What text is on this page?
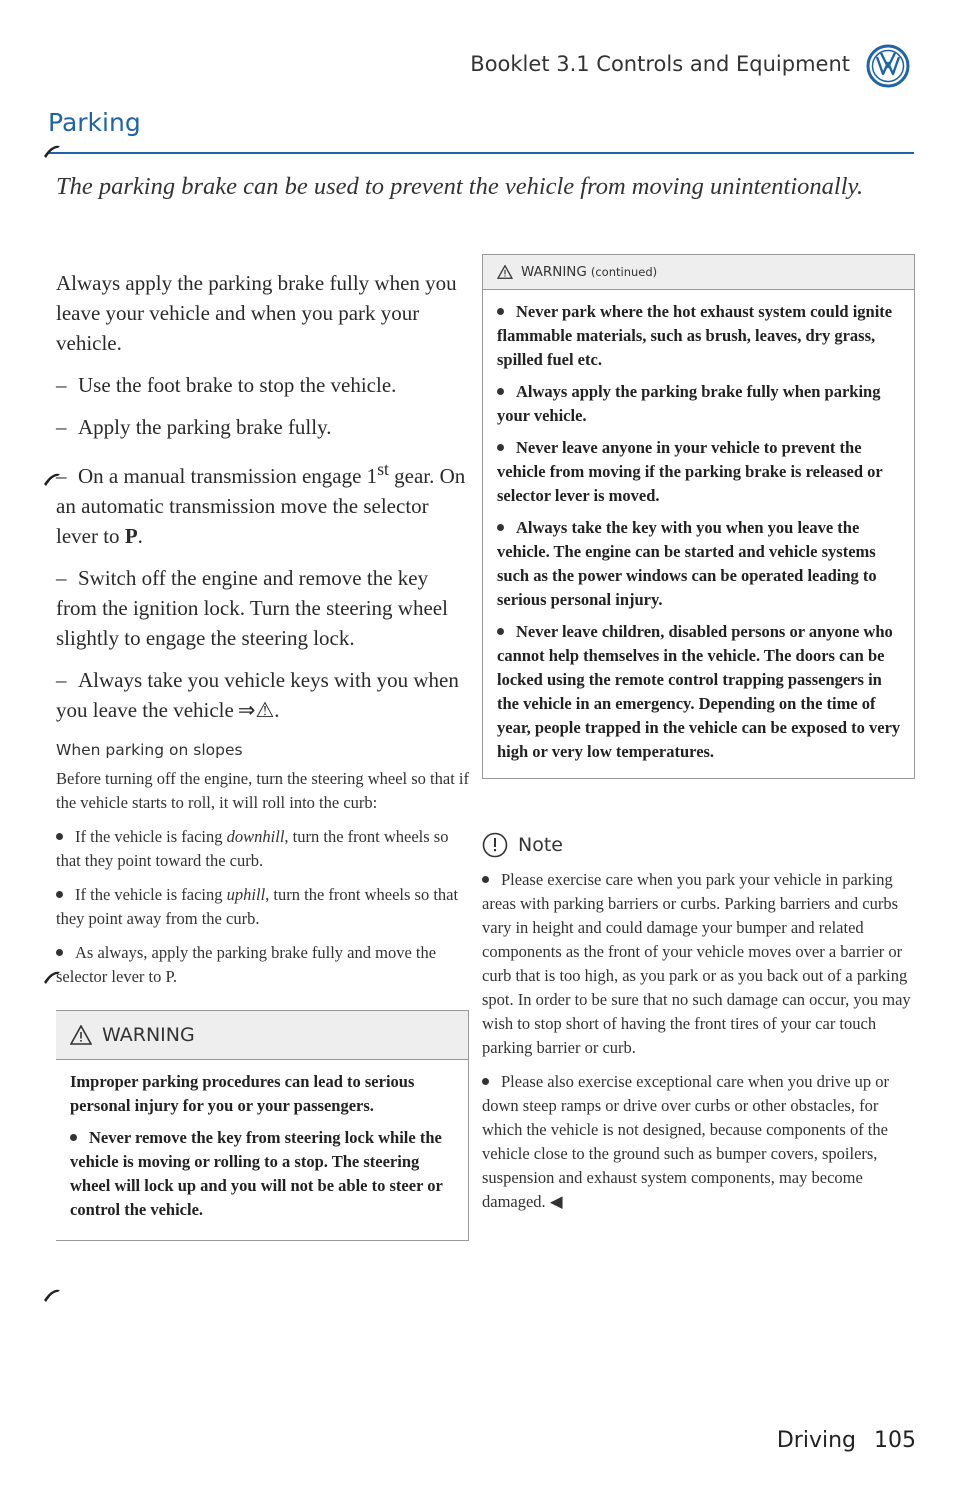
Booklet 3.1 Controls and Equipment
Parking
The parking brake can be used to prevent the vehicle from moving unintentionally.

Always apply the parking brake fully when you leave your vehicle and when you park your vehicle.

– Use the foot brake to stop the vehicle.

– Apply the parking brake fully.

– On a manual transmission engage 1st gear. On an automatic transmission move the selector lever to P.

– Switch off the engine and remove the key from the ignition lock. Turn the steering wheel slightly to engage the steering lock.

– Always take you vehicle keys with you when you leave the vehicle ⇒⚠.

When parking on slopes

Before turning off the engine, turn the steering wheel so that if the vehicle starts to roll, it will roll into the curb:

If the vehicle is facing downhill, turn the front wheels so that they point toward the curb.

If the vehicle is facing uphill, turn the front wheels so that they point away from the curb.

As always, apply the parking brake fully and move the selector lever to P.

WARNING

Improper parking procedures can lead to serious personal injury for you or your passengers.

Never remove the key from steering lock while the vehicle is moving or rolling to a stop. The steering wheel will lock up and you will not be able to steer or control the vehicle.

WARNING (continued)

Never park where the hot exhaust system could ignite flammable materials, such as brush, leaves, dry grass, spilled fuel etc.

Always apply the parking brake fully when parking your vehicle.

Never leave anyone in your vehicle to prevent the vehicle from moving if the parking brake is released or selector lever is moved.

Always take the key with you when you leave the vehicle. The engine can be started and vehicle systems such as the power windows can be operated leading to serious personal injury.

Never leave children, disabled persons or anyone who cannot help themselves in the vehicle. The doors can be locked using the remote control trapping passengers in the vehicle in an emergency. Depending on the time of year, people trapped in the vehicle can be exposed to very high or very low temperatures.

Note

Please exercise care when you park your vehicle in parking areas with parking barriers or curbs. Parking barriers and curbs vary in height and could damage your bumper and related components as the front of your vehicle moves over a barrier or curb that is too high, as you park or as you back out of a parking spot. In order to be sure that no such damage can occur, you may wish to stop short of having the front tires of your car touch parking barrier or curb.

Please also exercise exceptional care when you drive up or down steep ramps or drive over curbs or other obstacles, for which the vehicle is not designed, because components of the vehicle close to the ground such as bumper covers, spoilers, suspension and exhaust system components, may become damaged. ◀

Driving 105
